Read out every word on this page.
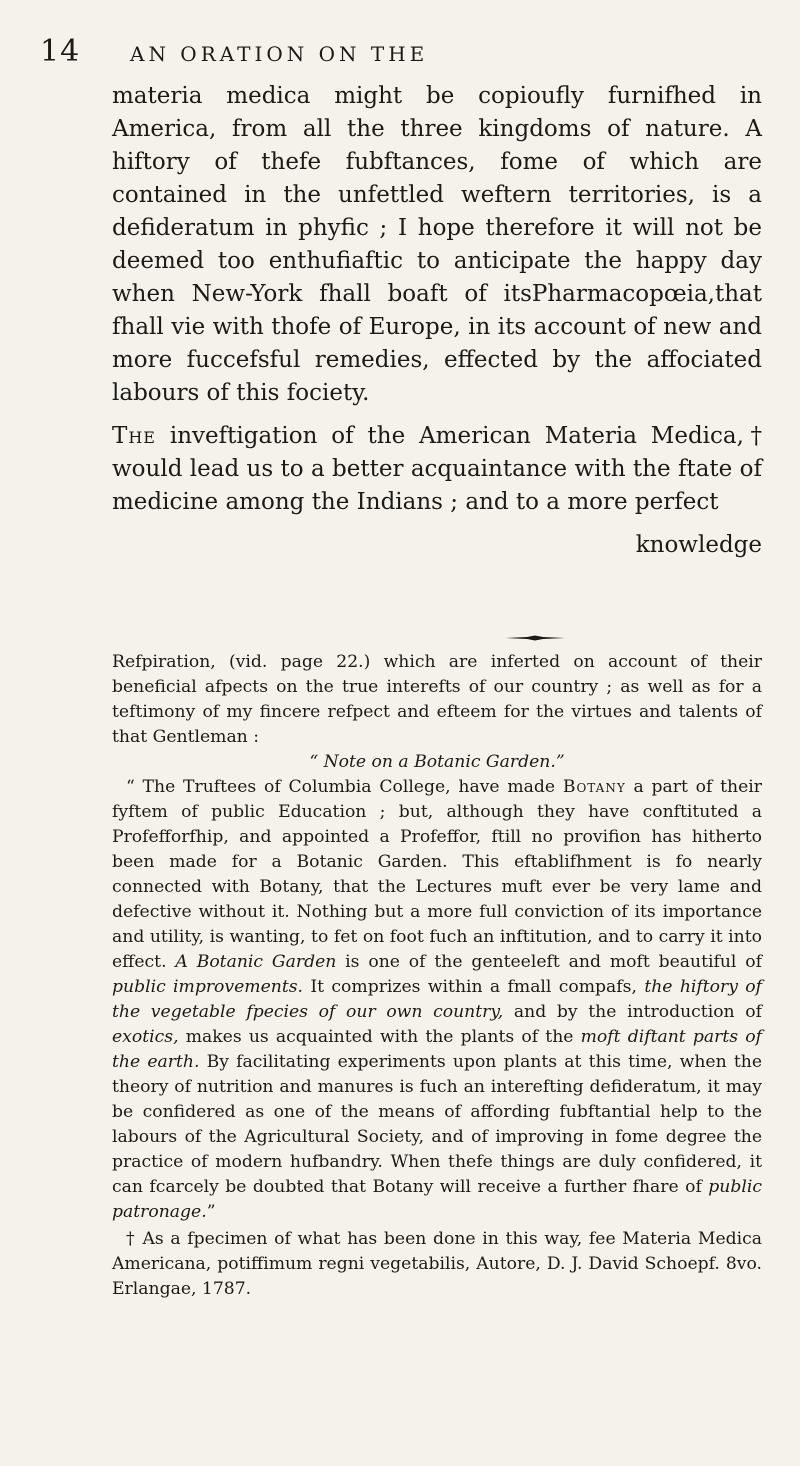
14 AN ORATION ON THE

materia medica might be copioufly furnifhed in America, from all the three kingdoms of nature. A hiftory of thefe fubftances, fome of which are contained in the unfettled weftern territories, is a defideratum in phyfic ; I hope therefore it will not be deemed too enthufiaftic to anticipate the happy day when New-York fhall boaft of itsPharmacopœia,that fhall vie with thofe of Europe, in its account of new and more fuccefsful remedies, effected by the affociated labours of this fociety.

The inveftigation of the American Materia Medica,† would lead us to a better acquaintance with the ftate of medicine among the Indians ; and to a more perfect

knowledge

Refpiration, (vid. page 22.) which are inferted on account of their beneficial afpects on the true interefts of our country ; as well as for a teftimony of my fincere refpect and efteem for the virtues and talents of that Gentleman :

“ Note on a Botanic Garden.”

“ The Truftees of Columbia College, have made Botany a part of their fyftem of public Education ; but, although they have conftituted a Profefforfhip, and appointed a Profeffor, ftill no provifion has hitherto been made for a Botanic Garden. This eftablifhment is fo nearly connected with Botany, that the Lectures muft ever be very lame and defective without it. Nothing but a more full conviction of its importance and utility, is wanting, to fet on foot fuch an inftitution, and to carry it into effect. A Botanic Garden is one of the genteeleft and moft beautiful of public improvements. It comprizes within a fmall compafs, the hiftory of the vegetable fpecies of our own country, and by the introduction of exotics, makes us acquainted with the plants of the moft diftant parts of the earth. By facilitating experiments upon plants at this time, when the theory of nutrition and manures is fuch an interefting defideratum, it may be confidered as one of the means of affording fubftantial help to the labours of the Agricultural Society, and of improving in fome degree the practice of modern hufbandry. When thefe things are duly confidered, it can fcarcely be doubted that Botany will receive a further fhare of public patronage.”

† As a fpecimen of what has been done in this way, fee Materia Medica Americana, potiffimum regni vegetabilis, Autore, D. J. David Schoepf. 8vo. Erlangae, 1787.
